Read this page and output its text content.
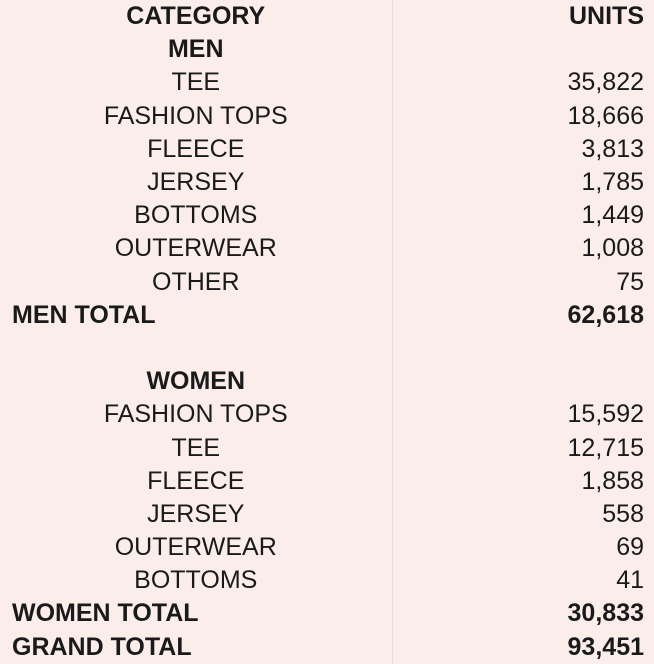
CATEGORY	UNITS
MEN	
TEE	35,822
FASHION TOPS	18,666
FLEECE	3,813
JERSEY	1,785
BOTTOMS	1,449
OUTERWEAR	1,008
OTHER	75
MEN TOTAL	62,618

WOMEN	
FASHION TOPS	15,592
TEE	12,715
FLEECE	1,858
JERSEY	558
OUTERWEAR	69
BOTTOMS	41
WOMEN TOTAL	30,833
GRAND TOTAL	93,451
